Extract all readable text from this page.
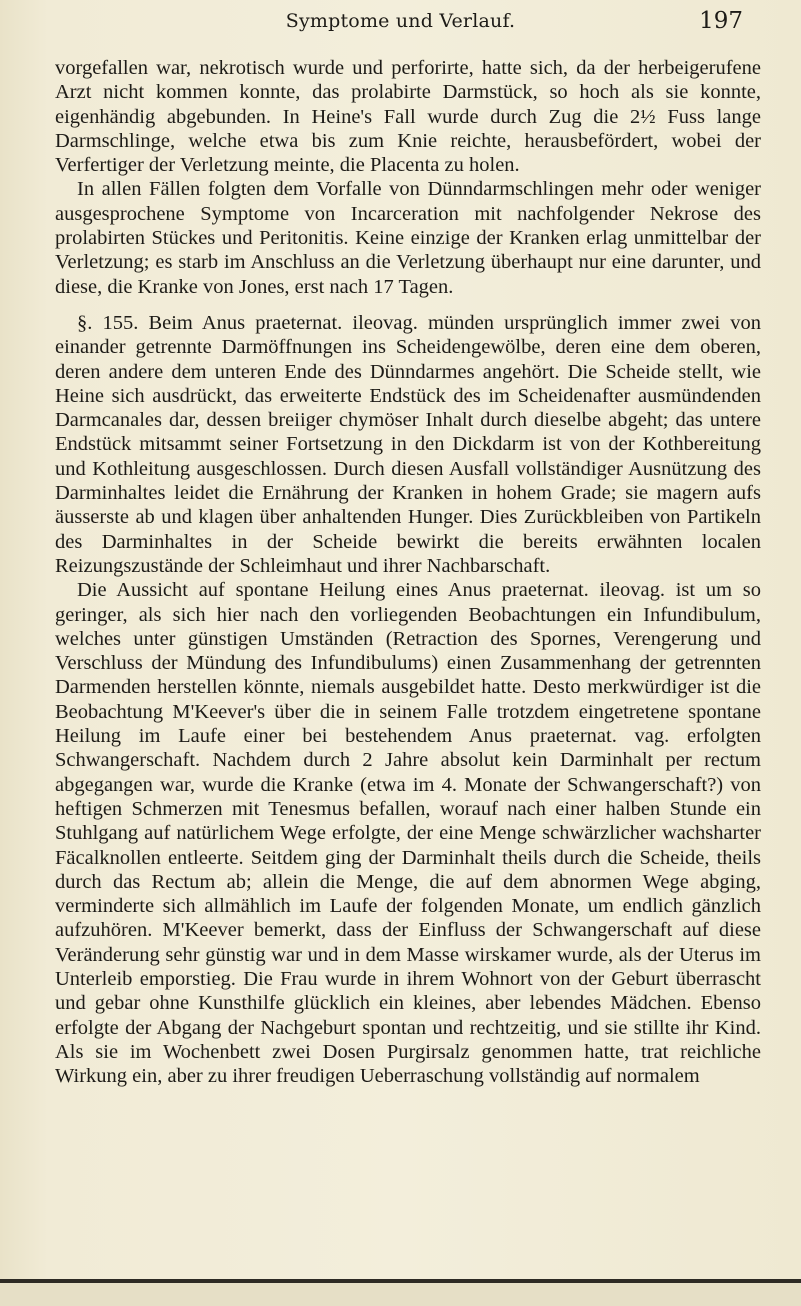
Symptome und Verlauf.	197

vorgefallen war, nekrotisch wurde und perforirte, hatte sich, da der herbeigerufene Arzt nicht kommen konnte, das prolabirte Darmstück, so hoch als sie konnte, eigenhändig abgebunden. In Heine's Fall wurde durch Zug die 2½ Fuss lange Darmschlinge, welche etwa bis zum Knie reichte, herausbefördert, wobei der Verfertiger der Verletzung meinte, die Placenta zu holen.

In allen Fällen folgten dem Vorfalle von Dünndarmschlingen mehr oder weniger ausgesprochene Symptome von Incarceration mit nachfolgender Nekrose des prolabirten Stückes und Peritonitis. Keine einzige der Kranken erlag unmittelbar der Verletzung; es starb im Anschluss an die Verletzung überhaupt nur eine darunter, und diese, die Kranke von Jones, erst nach 17 Tagen.

§. 155. Beim Anus praeternat. ileovag. münden ursprünglich immer zwei von einander getrennte Darmöffnungen ins Scheidengewölbe, deren eine dem oberen, deren andere dem unteren Ende des Dünndarmes angehört. Die Scheide stellt, wie Heine sich ausdrückt, das erweiterte Endstück des im Scheidenafter ausmündenden Darmcanales dar, dessen breiiger chymöser Inhalt durch dieselbe abgeht; das untere Endstück mitsammt seiner Fortsetzung in den Dickdarm ist von der Kothbereitung und Kothleitung ausgeschlossen. Durch diesen Ausfall vollständiger Ausnützung des Darminhaltes leidet die Ernährung der Kranken in hohem Grade; sie magern aufs äusserste ab und klagen über anhaltenden Hunger. Dies Zurückbleiben von Partikeln des Darminhaltes in der Scheide bewirkt die bereits erwähnten localen Reizungszustände der Schleimhaut und ihrer Nachbarschaft.

Die Aussicht auf spontane Heilung eines Anus praeternat. ileovag. ist um so geringer, als sich hier nach den vorliegenden Beobachtungen ein Infundibulum, welches unter günstigen Umständen (Retraction des Spornes, Verengerung und Verschluss der Mündung des Infundibulums) einen Zusammenhang der getrennten Darmenden herstellen könnte, niemals ausgebildet hatte. Desto merkwürdiger ist die Beobachtung M'Keever's über die in seinem Falle trotzdem eingetretene spontane Heilung im Laufe einer bei bestehendem Anus praeternat. vag. erfolgten Schwangerschaft. Nachdem durch 2 Jahre absolut kein Darminhalt per rectum abgegangen war, wurde die Kranke (etwa im 4. Monate der Schwangerschaft?) von heftigen Schmerzen mit Tenesmus befallen, worauf nach einer halben Stunde ein Stuhlgang auf natürlichem Wege erfolgte, der eine Menge schwärzlicher wachsharter Fäcalknollen entleerte. Seitdem ging der Darminhalt theils durch die Scheide, theils durch das Rectum ab; allein die Menge, die auf dem abnormen Wege abging, verminderte sich allmählich im Laufe der folgenden Monate, um endlich gänzlich aufzuhören. M'Keever bemerkt, dass der Einfluss der Schwangerschaft auf diese Veränderung sehr günstig war und in dem Masse wirskamer wurde, als der Uterus im Unterleib emporstieg. Die Frau wurde in ihrem Wohnort von der Geburt überrascht und gebar ohne Kunsthilfe glücklich ein kleines, aber lebendes Mädchen. Ebenso erfolgte der Abgang der Nachgeburt spontan und rechtzeitig, und sie stillte ihr Kind. Als sie im Wochenbett zwei Dosen Purgirsalz genommen hatte, trat reichliche Wirkung ein, aber zu ihrer freudigen Ueberraschung vollständig auf normalem
